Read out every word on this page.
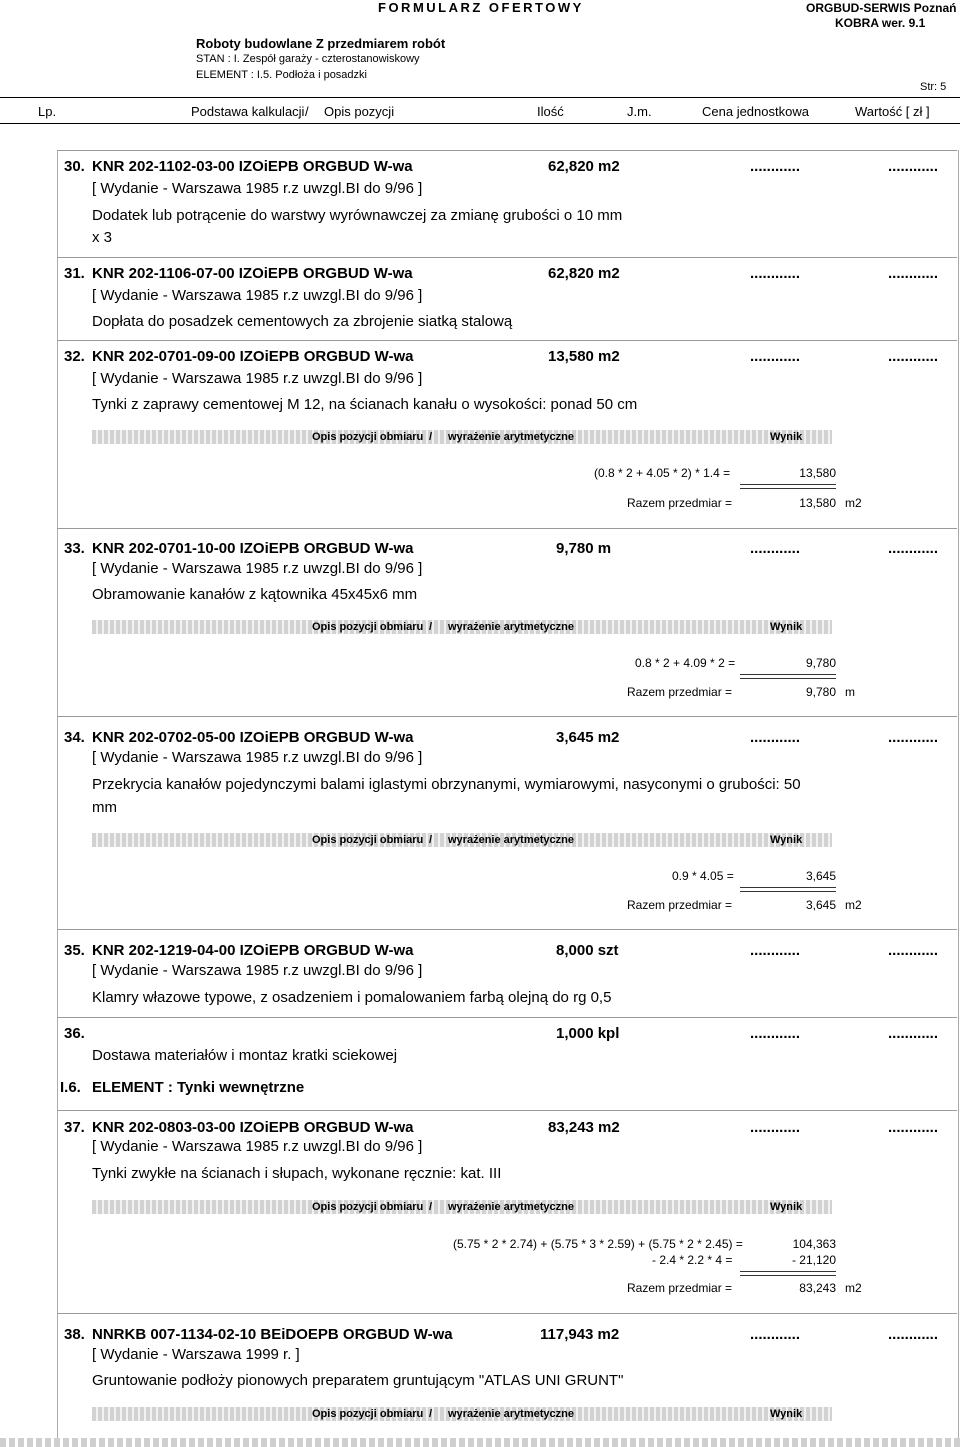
FORMULARZ OFERTOWY	ORGBUD-SERWIS Poznań
KOBRA wer. 9.1
Roboty budowlane Z przedmiarem robót
STAN : I. Zespół garaży - czterostanowiskowy
ELEMENT : I.5. Podłoża i posadzki
Str: 5
Lp.	Podstawa kalkulacji / Opis pozycji	Ilość	J.m.	Cena jednostkowa	Wartość [ zł ]
30. KNR 202-1102-03-00 IZOiEPB ORGBUD W-wa	62,820 m2	............	............
[ Wydanie - Warszawa 1985 r.z uwzgl.BI do 9/96 ]
Dodatek lub potrącenie do warstwy wyrównawczej za zmianę grubości o 10 mm
x 3
31. KNR 202-1106-07-00 IZOiEPB ORGBUD W-wa	62,820 m2	............	............
[ Wydanie - Warszawa 1985 r.z uwzgl.BI do 9/96 ]
Dopłata do posadzek cementowych za zbrojenie siatką stalową
32. KNR 202-0701-09-00 IZOiEPB ORGBUD W-wa	13,580 m2	............	............
[ Wydanie - Warszawa 1985 r.z uwzgl.BI do 9/96 ]
Tynki z zaprawy cementowej M 12, na ścianach kanału o wysokości: ponad 50 cm
Opis pozycji obmiaru / wyrażenie arytmetyczne	Wynik
(0.8 * 2 + 4.05 * 2) * 1.4 =	13,580
Razem przedmiar =	13,580 m2
33. KNR 202-0701-10-00 IZOiEPB ORGBUD W-wa	9,780 m	............	............
[ Wydanie - Warszawa 1985 r.z uwzgl.BI do 9/96 ]
Obramowanie kanałów z kątownika 45x45x6 mm
Opis pozycji obmiaru / wyrażenie arytmetyczne	Wynik
0.8 * 2 + 4.09 * 2 =	9,780
Razem przedmiar =	9,780 m
34. KNR 202-0702-05-00 IZOiEPB ORGBUD W-wa	3,645 m2	............	............
[ Wydanie - Warszawa 1985 r.z uwzgl.BI do 9/96 ]
Przekrycia kanałów pojedynczymi balami iglastymi obrzynanymi, wymiarowymi, nasyconymi o grubości: 50
mm
Opis pozycji obmiaru / wyrażenie arytmetyczne	Wynik
0.9 * 4.05 =	3,645
Razem przedmiar =	3,645 m2
35. KNR 202-1219-04-00 IZOiEPB ORGBUD W-wa	8,000 szt	............	............
[ Wydanie - Warszawa 1985 r.z uwzgl.BI do 9/96 ]
Klamry włazowe typowe, z osadzeniem i pomalowaniem farbą olejną do rg 0,5
36.	1,000 kpl	............	............
Dostawa materiałów i montaz kratki sciekowej
I.6. ELEMENT : Tynki wewnętrzne
37. KNR 202-0803-03-00 IZOiEPB ORGBUD W-wa	83,243 m2	............	............
[ Wydanie - Warszawa 1985 r.z uwzgl.BI do 9/96 ]
Tynki zwykłe na ścianach i słupach, wykonane ręcznie: kat. III
Opis pozycji obmiaru / wyrażenie arytmetyczne	Wynik
(5.75 * 2 * 2.74) + (5.75 * 3 * 2.59) + (5.75 * 2 * 2.45) =	104,363
- 2.4 * 2.2 * 4 =	- 21,120
Razem przedmiar =	83,243 m2
38. NNRKB 007-1134-02-10 BEiDOEPB ORGBUD W-wa	117,943 m2	............	............
[ Wydanie - Warszawa 1999 r. ]
Gruntowanie podłoży pionowych preparatem gruntującym "ATLAS UNI GRUNT"
Opis pozycji obmiaru / wyrażenie arytmetyczne	Wynik
